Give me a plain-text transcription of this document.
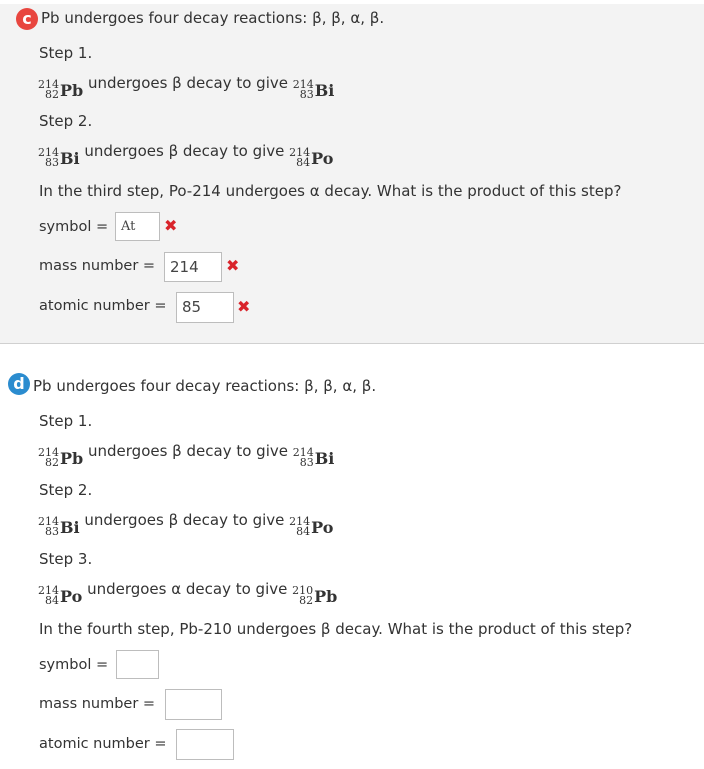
c Pb undergoes four decay reactions: β, β, α, β.
Step 1.
214
82 Pb undergoes β decay to give 214
83 Bi
Step 2.
214
83 Bi undergoes β decay to give 214
84 Po
In the third step, Po-214 undergoes α decay. What is the product of this step?
symbol = At	✖
mass number = 214	✖
atomic number =	85	✖
d Pb undergoes four decay reactions: β, β, α, β.
Step 1.
214
82 Pb undergoes β decay to give 214
83 Bi
Step 2.
214
83 Bi undergoes β decay to give 214
84 Po
Step 3.
214
84 Po undergoes α decay to give 210
82 Pb
In the fourth step, Pb-210 undergoes β decay. What is the product of this step?
symbol =
mass number =
atomic number =
